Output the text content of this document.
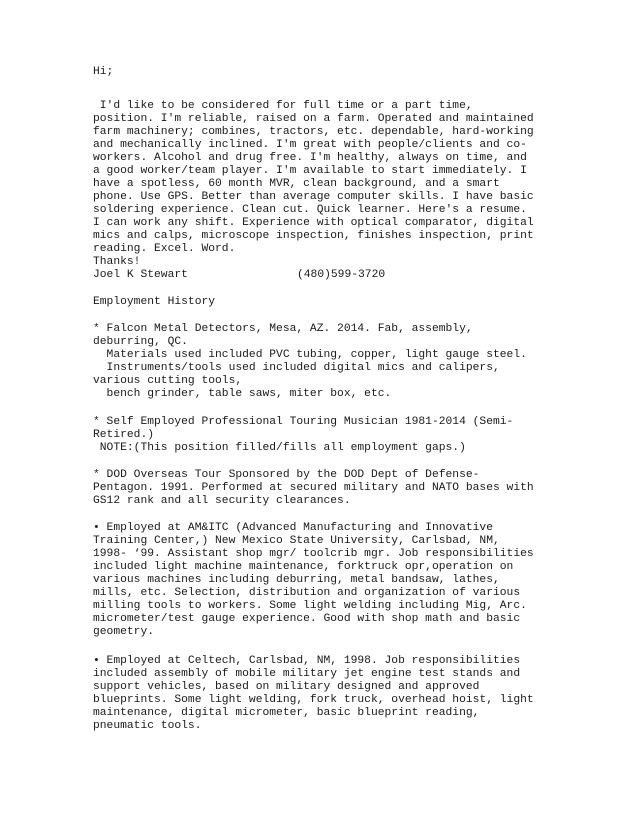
Hi;

I'd like to be considered for full time or a part time,

position. I'm reliable, raised on a farm. Operated and maintained

farm machinery; combines, tractors, etc. dependable, hard-working

and mechanically inclined. I'm great with people/clients and co-

workers. Alcohol and drug free. I'm healthy, always on time, and

a good worker/team player. I'm available to start immediately. I

have a spotless, 60 month MVR, clean background, and a smart

phone. Use GPS. Better than average computer skills. I have basic

soldering experience. Clean cut. Quick learner. Here's a resume.

I can work any shift. Experience with optical comparator, digital

mics and calps, microscope inspection, finishes inspection, print

reading. Excel. Word.

Thanks!

Joel K Stewart	(480)599-3720

Employment History

* Falcon Metal Detectors, Mesa, AZ. 2014. Fab, assembly,

deburring, QC.

Materials used included PVC tubing, copper, light gauge steel.

Instruments/tools used included digital mics and calipers,

various cutting tools,

bench grinder, table saws, miter box, etc.

* Self Employed Professional Touring Musician 1981-2014 (Semi-

Retired.)

NOTE:(This position filled/fills all employment gaps.)

* DOD Overseas Tour Sponsored by the DOD Dept of Defense-

Pentagon. 1991. Performed at secured military and NATO bases with

GS12 rank and all security clearances.

• Employed at AM&ITC (Advanced Manufacturing and Innovative

Training Center,) New Mexico State University, Carlsbad, NM,

1998- ‘99. Assistant shop mgr/ toolcrib mgr. Job responsibilities

included light machine maintenance, forktruck opr,operation on

various machines including deburring, metal bandsaw, lathes,

mills, etc. Selection, distribution and organization of various

milling tools to workers. Some light welding including Mig, Arc.

micrometer/test gauge experience. Good with shop math and basic

geometry.

• Employed at Celtech, Carlsbad, NM, 1998. Job responsibilities

included assembly of mobile military jet engine test stands and

support vehicles, based on military designed and approved

blueprints. Some light welding, fork truck, overhead hoist, light

maintenance, digital micrometer, basic blueprint reading,

pneumatic tools.
